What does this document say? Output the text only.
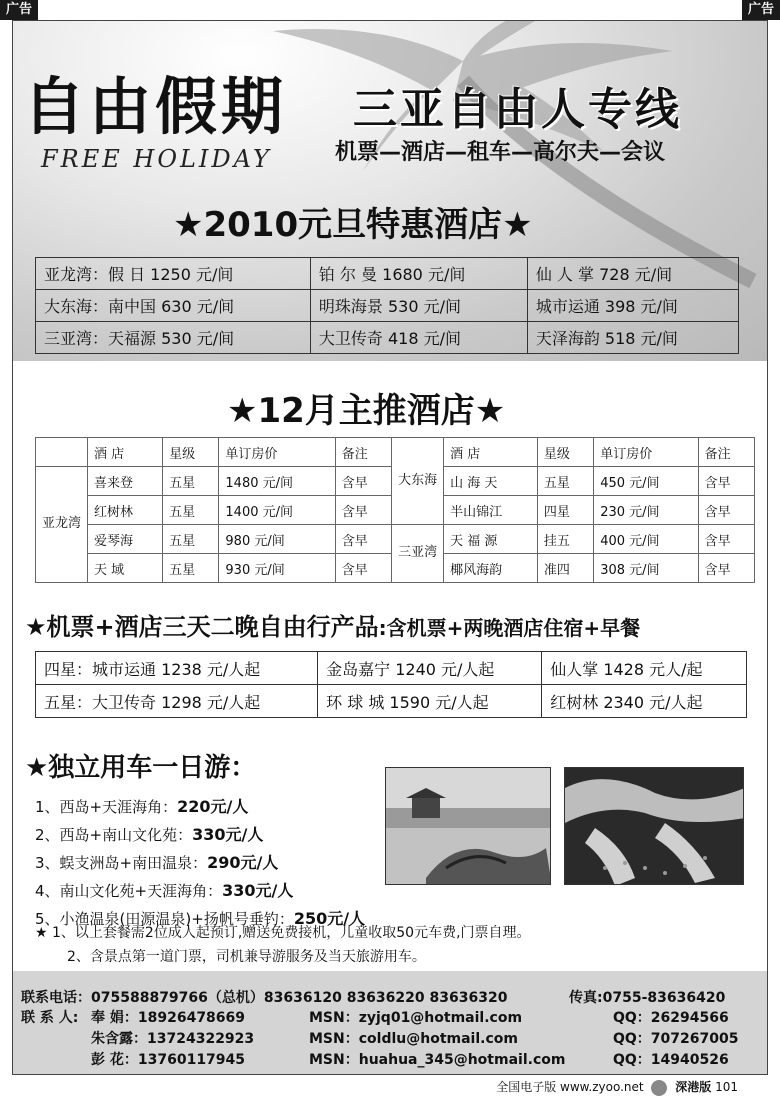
广告	广告
自由假期
FREE HOLIDAY
三亚自由人专线
机票—酒店—租车—高尔夫—会议
★2010元旦特惠酒店★
亚龙湾：假 日 1250 元/间	铂 尔 曼 1680 元/间	仙 人 掌 728 元/间
大东海：南中国 630 元/间	明珠海景 530 元/间	城市运通 398 元/间
三亚湾：天福源 530 元/间	大卫传奇 418 元/间	天泽海韵 518 元/间
★12月主推酒店★
	酒 店	星级	单订房价	备注	大东海	酒 店	星级	单订房价	备注
亚龙湾	喜来登	五星	1480 元/间	含早		山 海 天	五星	450 元/间	含早
	红树林	五星	1400 元/间	含早		半山锦江	四星	230 元/间	含早
	爱琴海	五星	980 元/间	含早	三亚湾	天 福 源	挂五	400 元/间	含早
	天 域	五星	930 元/间	含早		椰风海韵	准四	308 元/间	含早
★机票+酒店三天二晚自由行产品:含机票+两晚酒店住宿+早餐
四星：城市运通 1238 元/人起	金岛嘉宁 1240 元/人起	仙人掌 1428 元人/起
五星：大卫传奇 1298 元/人起	环 球 城 1590 元/人起	红树林 2340 元/人起
★独立用车一日游：
1、西岛+天涯海角：220元/人
2、西岛+南山文化苑：330元/人
3、蜈支洲岛+南田温泉：290元/人
4、南山文化苑+天涯海角：330元/人
5、小渔温泉(田源温泉)+扬帆号垂钓：250元/人
★ 1、以上套餐需2位成人起预订,赠送免费接机，儿童收取50元车费,门票自理。
2、含景点第一道门票，司机兼导游服务及当天旅游用车。
联系电话：075588879766（总机）83636120 83636220 83636320	传真:0755-83636420
联 系 人: 奉 娟：18926478669	MSN：zyjq01@hotmail.com	QQ：26294566
朱含露：13724322923	MSN：coldlu@hotmail.com	QQ：707267005
彭 花：13760117945	MSN：huahua_345@hotmail.com	QQ：14940526
全国电子版 www.zyoo.net	深港版 101
